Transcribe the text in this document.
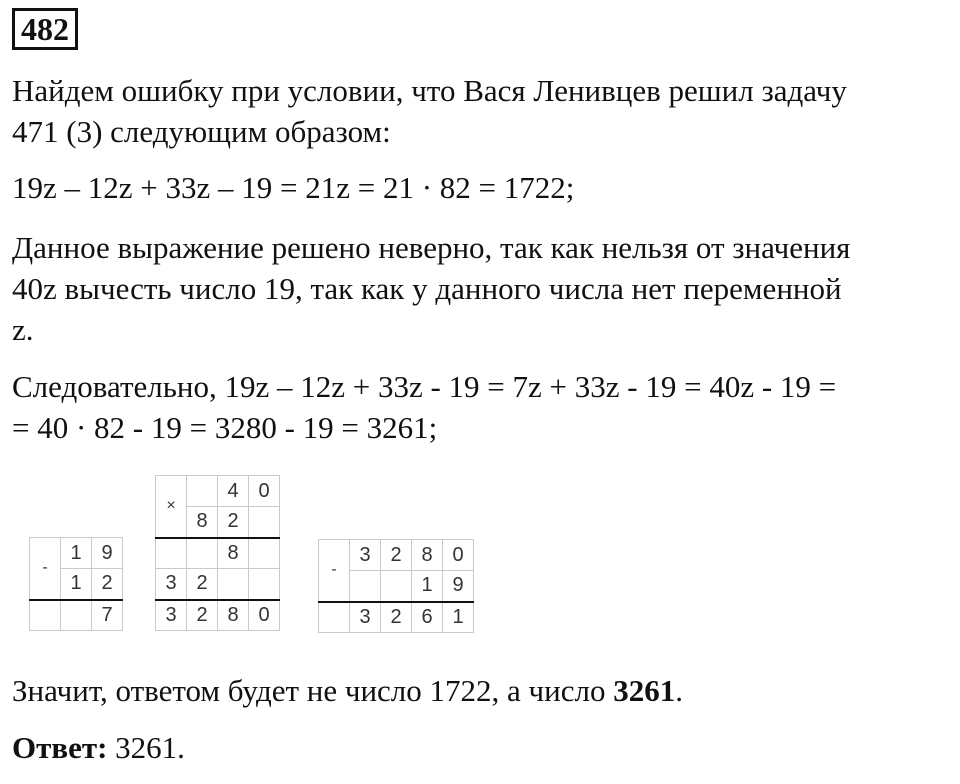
482
Найдем ошибку при условии, что Вася Ленивцев решил задачу
471 (3) следующим образом:
19z – 12z + 33z – 19 = 21z = 21 · 82 = 1722;
Данное выражение решено неверно, так как нельзя от значения
40z вычесть число 19, так как у данного числа нет переменной
z.
Следовательно, 19z – 12z + 33z - 19 = 7z + 33z - 19 = 40z - 19 =
= 40 · 82 - 19 = 3280 - 19 = 3261;
-	1	9
	1	2
		7
×		4	0
	8	2	
		8	
3	2		
3	2	8	0
-	3	2	8	0
			1	9
	3	2	6	1
Значит, ответом будет не число 1722, а число 3261.
Ответ: 3261.
